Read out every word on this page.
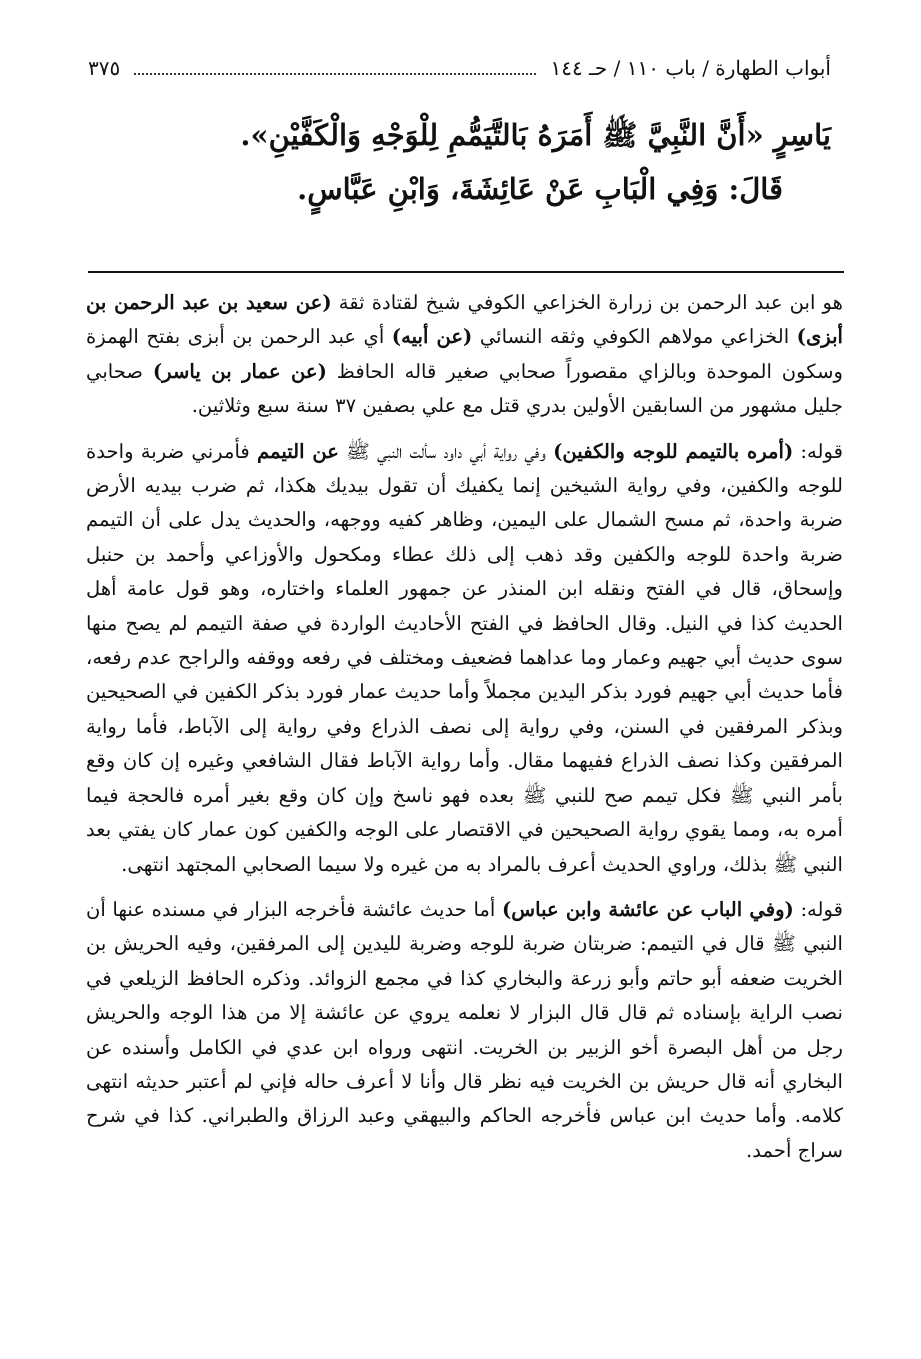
أبواب الطهارة / باب ١١٠ / حـ ١٤٤
٣٧٥

يَاسِرٍ «أَنَّ النَّبِيَّ ﷺ أَمَرَهُ بَالتَّيَمُّمِ لِلْوَجْهِ وَالْكَفَّيْنِ».

قَالَ: وَفِي الْبَابِ عَنْ عَائِشَةَ، وَابْنِ عَبَّاسٍ.

هو ابن عبد الرحمن بن زرارة الخزاعي الكوفي شيخ لقتادة ثقة (عن سعيد بن عبد الرحمن بن أبزى) الخزاعي مولاهم الكوفي وثقه النسائي (عن أبيه) أي عبد الرحمن بن أبزى بفتح الهمزة وسكون الموحدة وبالزاي مقصوراً صحابي صغير قاله الحافظ (عن عمار بن ياسر) صحابي جليل مشهور من السابقين الأولين بدري قتل مع علي بصفين ٣٧ سنة سبع وثلاثين.

قوله: (أمره بالتيمم للوجه والكفين) وفي رواية أبي داود سألت النبي ﷺ عن التيمم فأمرني ضربة واحدة للوجه والكفين، وفي رواية الشيخين إنما يكفيك أن تقول بيديك هكذا، ثم ضرب بيديه الأرض ضربة واحدة، ثم مسح الشمال على اليمين، وظاهر كفيه ووجهه، والحديث يدل على أن التيمم ضربة واحدة للوجه والكفين وقد ذهب إلى ذلك عطاء ومكحول والأوزاعي وأحمد بن حنبل وإسحاق، قال في الفتح ونقله ابن المنذر عن جمهور العلماء واختاره، وهو قول عامة أهل الحديث كذا في النيل. وقال الحافظ في الفتح الأحاديث الواردة في صفة التيمم لم يصح منها سوى حديث أبي جهيم وعمار وما عداهما فضعيف ومختلف في رفعه ووقفه والراجح عدم رفعه، فأما حديث أبي جهيم فورد بذكر اليدين مجملاً وأما حديث عمار فورد بذكر الكفين في الصحيحين وبذكر المرفقين في السنن، وفي رواية إلى نصف الذراع وفي رواية إلى الآباط، فأما رواية المرفقين وكذا نصف الذراع ففيهما مقال. وأما رواية الآباط فقال الشافعي وغيره إن كان وقع بأمر النبي ﷺ فكل تيمم صح للنبي ﷺ بعده فهو ناسخ وإن كان وقع بغير أمره فالحجة فيما أمره به، ومما يقوي رواية الصحيحين في الاقتصار على الوجه والكفين كون عمار كان يفتي بعد النبي ﷺ بذلك، وراوي الحديث أعرف بالمراد به من غيره ولا سيما الصحابي المجتهد انتهى.

قوله: (وفي الباب عن عائشة وابن عباس) أما حديث عائشة فأخرجه البزار في مسنده عنها أن النبي ﷺ قال في التيمم: ضربتان ضربة للوجه وضربة لليدين إلى المرفقين، وفيه الحريش بن الخريت ضعفه أبو حاتم وأبو زرعة والبخاري كذا في مجمع الزوائد. وذكره الحافظ الزيلعي في نصب الراية بإسناده ثم قال قال البزار لا نعلمه يروي عن عائشة إلا من هذا الوجه والحريش رجل من أهل البصرة أخو الزبير بن الخريت. انتهى ورواه ابن عدي في الكامل وأسنده عن البخاري أنه قال حريش بن الخريت فيه نظر قال وأنا لا أعرف حاله فإني لم أعتبر حديثه انتهى كلامه. وأما حديث ابن عباس فأخرجه الحاكم والبيهقي وعبد الرزاق والطبراني. كذا في شرح سراج أحمد.
